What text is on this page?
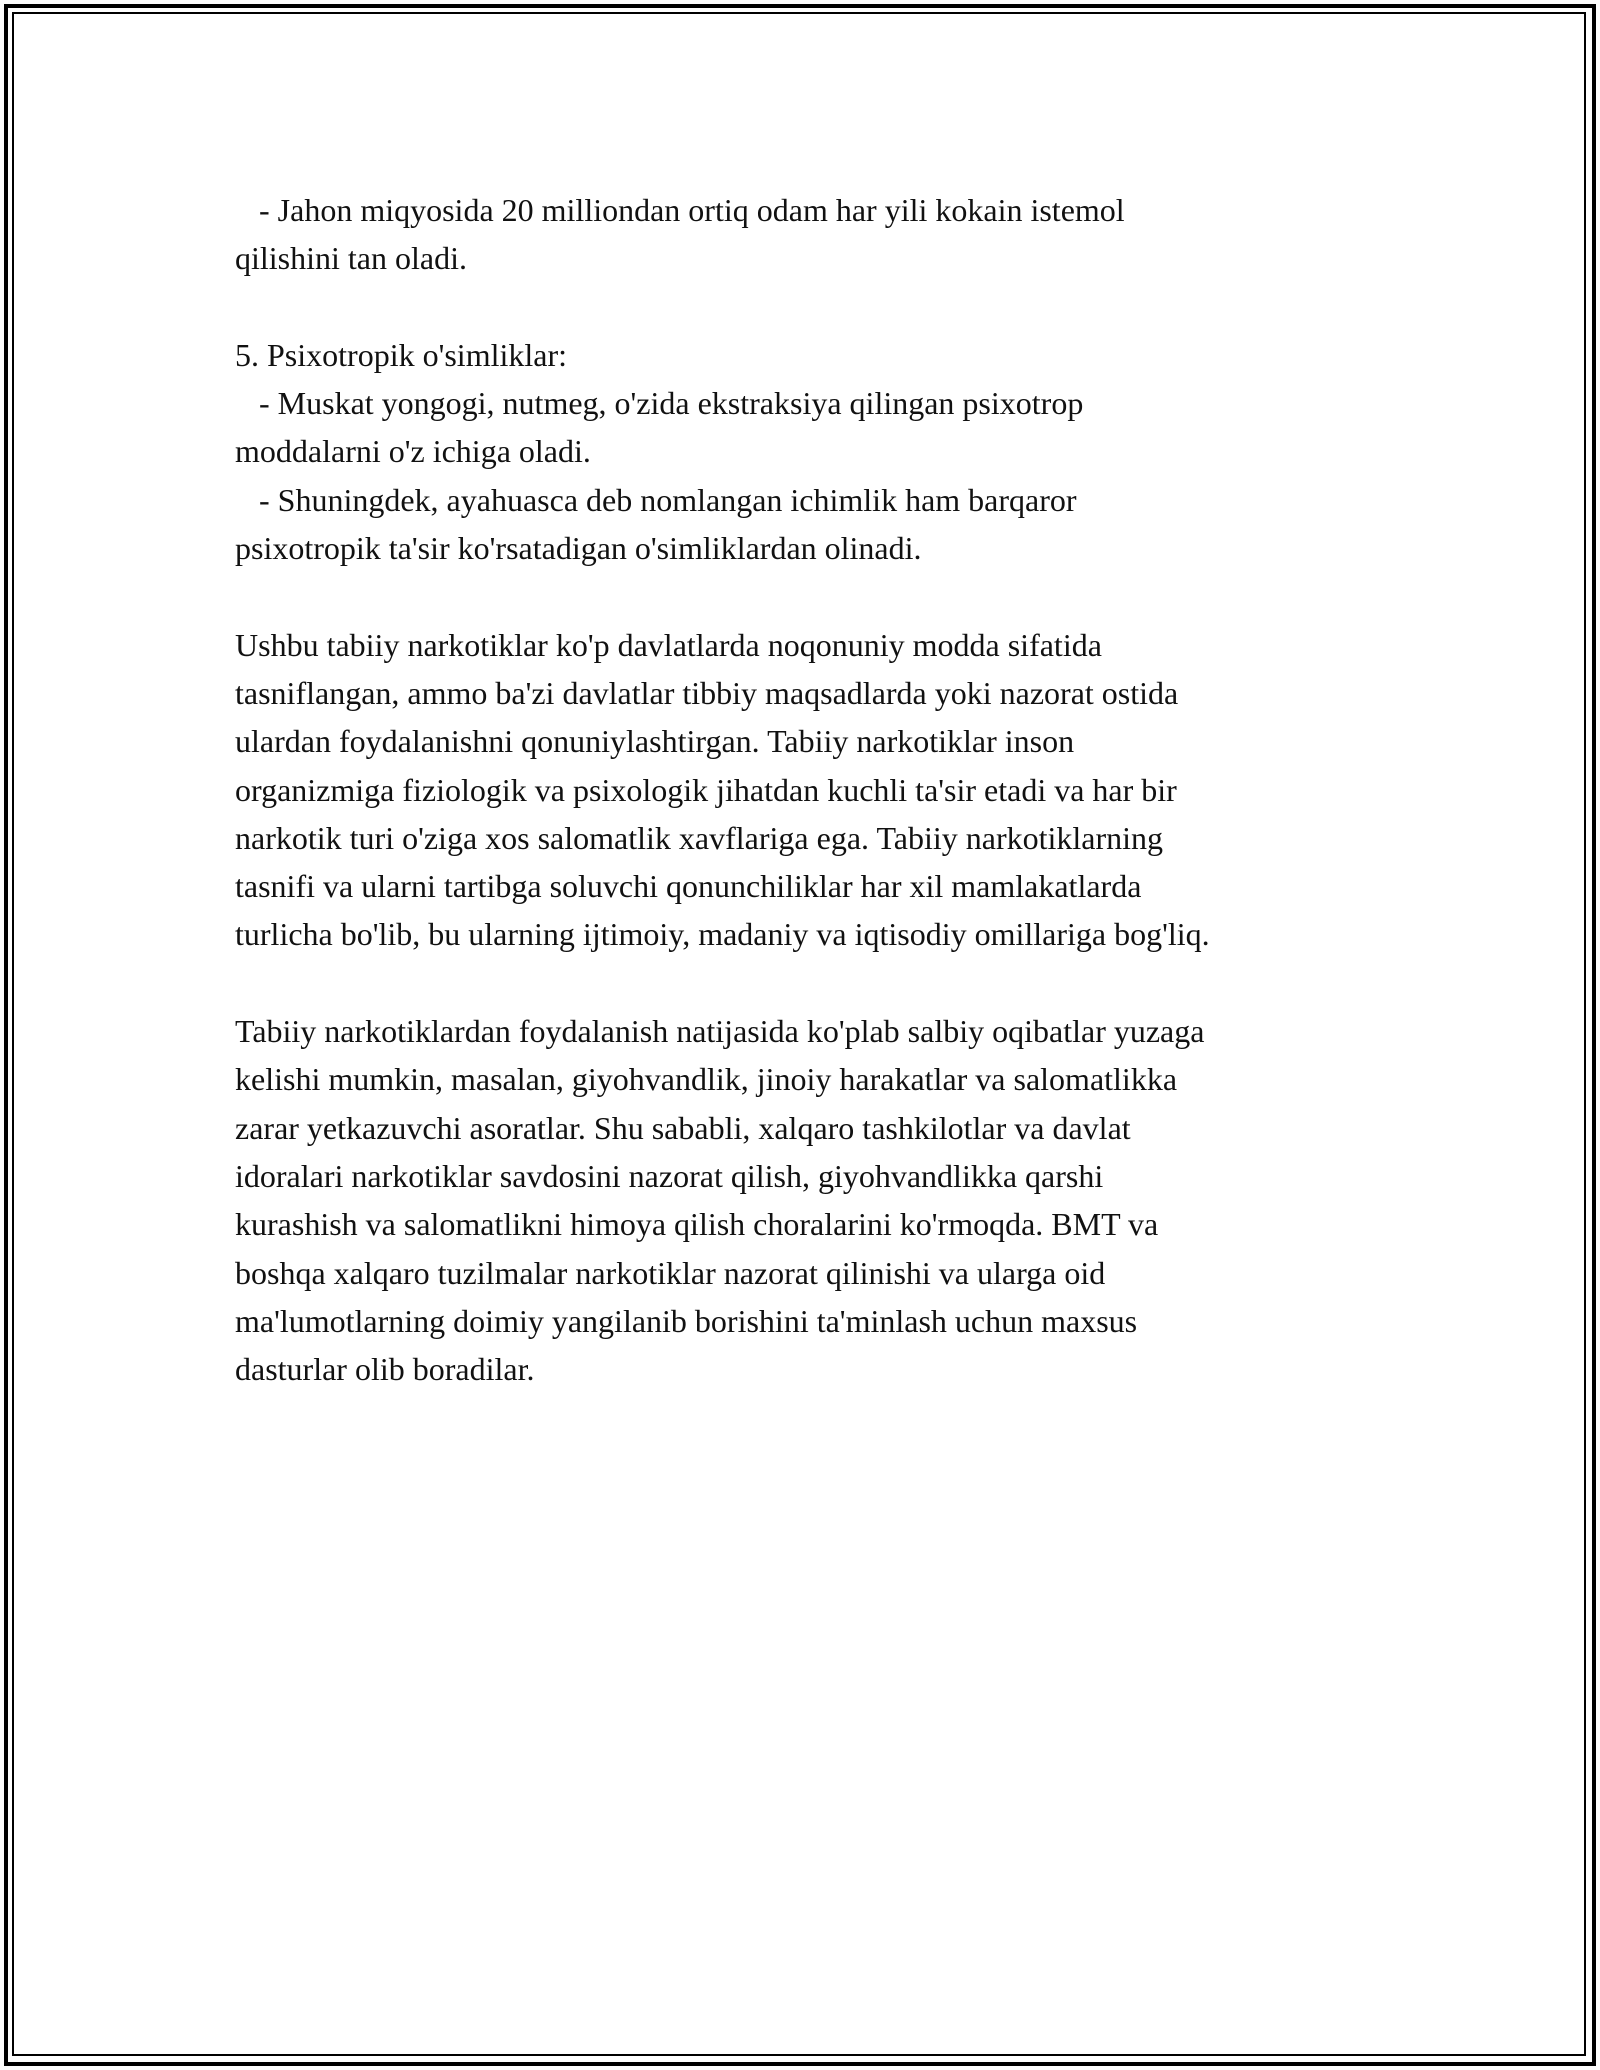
- Jahon miqyosida 20 milliondan ortiq odam har yili kokain istemol
qilishini tan oladi.
5. Psixotropik o'simliklar:
- Muskat yongogi, nutmeg, o'zida ekstraksiya qilingan psixotrop
moddalarni o'z ichiga oladi.
- Shuningdek, ayahuasca deb nomlangan ichimlik ham barqaror
psixotropik ta'sir ko'rsatadigan o'simliklardan olinadi.
Ushbu tabiiy narkotiklar ko'p davlatlarda noqonuniy modda sifatida
tasniflangan, ammo ba'zi davlatlar tibbiy maqsadlarda yoki nazorat ostida
ulardan foydalanishni qonuniylashtirgan. Tabiiy narkotiklar inson
organizmiga fiziologik va psixologik jihatdan kuchli ta'sir etadi va har bir
narkotik turi o'ziga xos salomatlik xavflariga ega. Tabiiy narkotiklarning
tasnifi va ularni tartibga soluvchi qonunchiliklar har xil mamlakatlarda
turlicha bo'lib, bu ularning ijtimoiy, madaniy va iqtisodiy omillariga bog'liq.
Tabiiy narkotiklardan foydalanish natijasida ko'plab salbiy oqibatlar yuzaga
kelishi mumkin, masalan, giyohvandlik, jinoiy harakatlar va salomatlikka
zarar yetkazuvchi asoratlar. Shu sababli, xalqaro tashkilotlar va davlat
idoralari narkotiklar savdosini nazorat qilish, giyohvandlikka qarshi
kurashish va salomatlikni himoya qilish choralarini ko'rmoqda. BMT va
boshqa xalqaro tuzilmalar narkotiklar nazorat qilinishi va ularga oid
ma'lumotlarning doimiy yangilanib borishini ta'minlash uchun maxsus
dasturlar olib boradilar.
